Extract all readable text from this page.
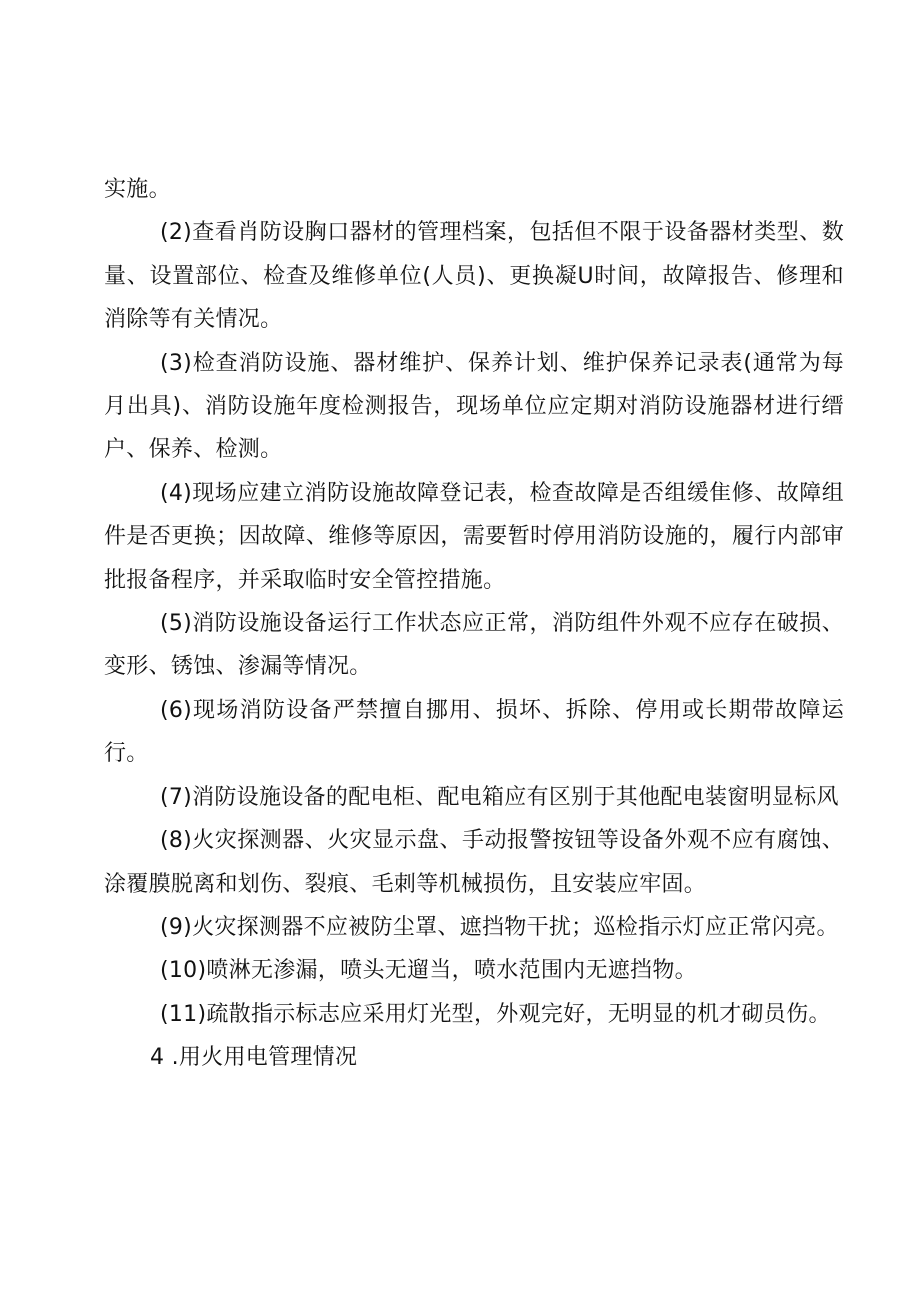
实施。

(2)查看肖防设胸口器材的管理档案，包括但不限于设备器材类型、数量、设置部位、检查及维修单位(人员)、更换凝U时间，故障报告、修理和消除等有关情况。

(3)检查消防设施、器材维护、保养计划、维护保养记录表(通常为每月出具)、消防设施年度检测报告，现场单位应定期对消防设施器材进行缙户、保养、检测。

(4)现场应建立消防设施故障登记表，检查故障是否组缓隹修、故障组件是否更换；因故障、维修等原因，需要暂时停用消防设施的，履行内部审批报备程序，并采取临时安全管控措施。

(5)消防设施设备运行工作状态应正常，消防组件外观不应存在破损、变形、锈蚀、渗漏等情况。

(6)现场消防设备严禁擅自挪用、损坏、拆除、停用或长期带故障运行。

(7)消防设施设备的配电柜、配电箱应有区别于其他配电装窗明显标风

(8)火灾探测器、火灾显示盘、手动报警按钮等设备外观不应有腐蚀、涂覆膜脱离和划伤、裂痕、毛刺等机械损伤，且安装应牢固。

(9)火灾探测器不应被防尘罩、遮挡物干扰；巡检指示灯应正常闪亮。

(10)喷淋无渗漏，喷头无遛当，喷水范围内无遮挡物。

(11)疏散指示标志应采用灯光型，外观完好，无明显的机才砌员伤。

4 .用火用电管理情况
